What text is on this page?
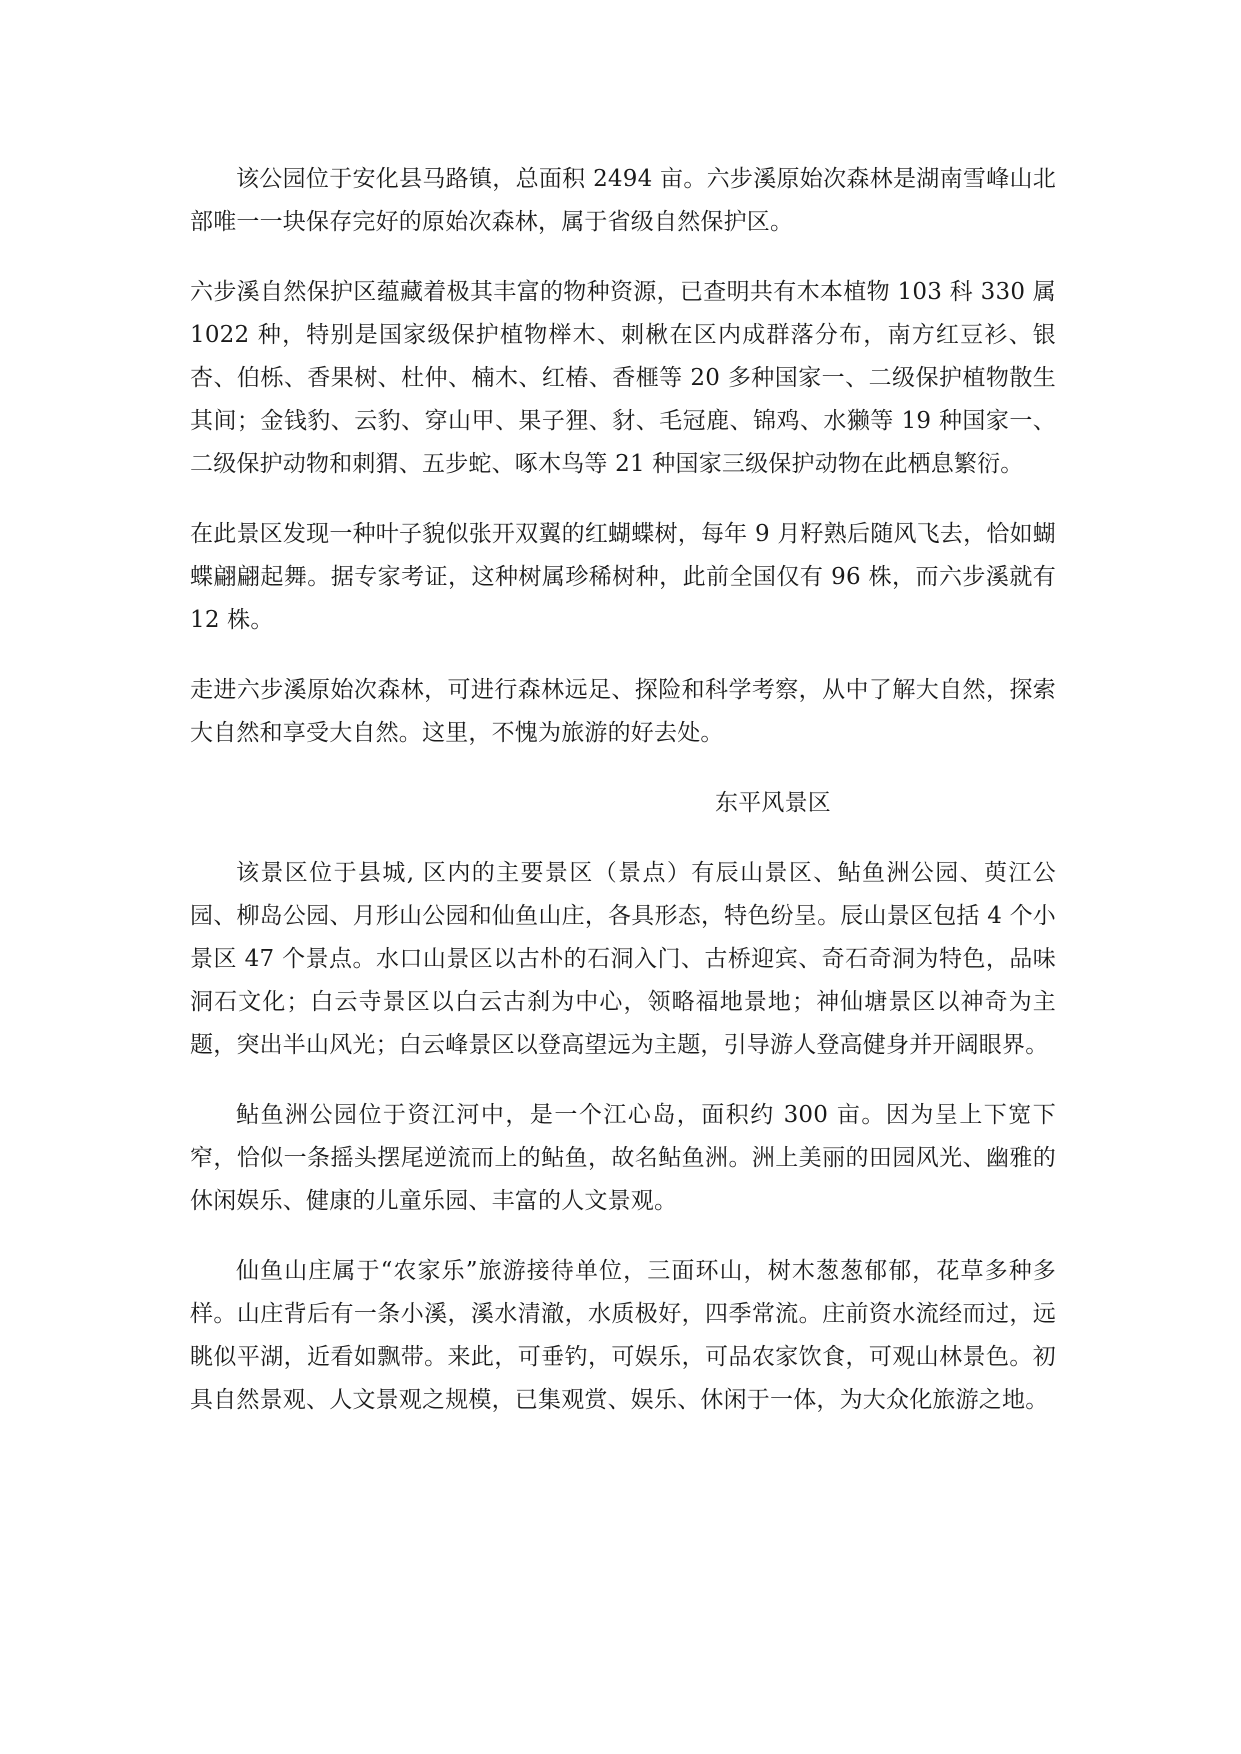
该公园位于安化县马路镇，总面积 2494 亩。六步溪原始次森林是湖南雪峰山北部唯一一块保存完好的原始次森林，属于省级自然保护区。

六步溪自然保护区蕴藏着极其丰富的物种资源，已查明共有木本植物 103 科 330 属 1022 种，特别是国家级保护植物榉木、刺楸在区内成群落分布，南方红豆衫、银杏、伯栎、香果树、杜仲、楠木、红椿、香榧等 20 多种国家一、二级保护植物散生其间；金钱豹、云豹、穿山甲、果子狸、豺、毛冠鹿、锦鸡、水獭等 19 种国家一、二级保护动物和刺猬、五步蛇、啄木鸟等 21 种国家三级保护动物在此栖息繁衍。

在此景区发现一种叶子貌似张开双翼的红蝴蝶树，每年 9 月籽熟后随风飞去，恰如蝴蝶翩翩起舞。据专家考证，这种树属珍稀树种，此前全国仅有 96 株，而六步溪就有 12 株。

走进六步溪原始次森林，可进行森林远足、探险和科学考察，从中了解大自然，探索大自然和享受大自然。这里，不愧为旅游的好去处。

东平风景区

该景区位于县城, 区内的主要景区（景点）有辰山景区、鲇鱼洲公园、萸江公园、柳岛公园、月形山公园和仙鱼山庄，各具形态，特色纷呈。辰山景区包括 4 个小景区 47 个景点。水口山景区以古朴的石洞入门、古桥迎宾、奇石奇洞为特色，品味洞石文化；白云寺景区以白云古刹为中心，领略福地景地；神仙塘景区以神奇为主题，突出半山风光；白云峰景区以登高望远为主题，引导游人登高健身并开阔眼界。

鲇鱼洲公园位于资江河中，是一个江心岛，面积约 300 亩。因为呈上下宽下窄，恰似一条摇头摆尾逆流而上的鲇鱼，故名鲇鱼洲。洲上美丽的田园风光、幽雅的休闲娱乐、健康的儿童乐园、丰富的人文景观。

仙鱼山庄属于“农家乐”旅游接待单位，三面环山，树木葱葱郁郁，花草多种多样。山庄背后有一条小溪，溪水清澈，水质极好，四季常流。庄前资水流经而过，远眺似平湖，近看如飘带。来此，可垂钓，可娱乐，可品农家饮食，可观山林景色。初具自然景观、人文景观之规模，已集观赏、娱乐、休闲于一体，为大众化旅游之地。
